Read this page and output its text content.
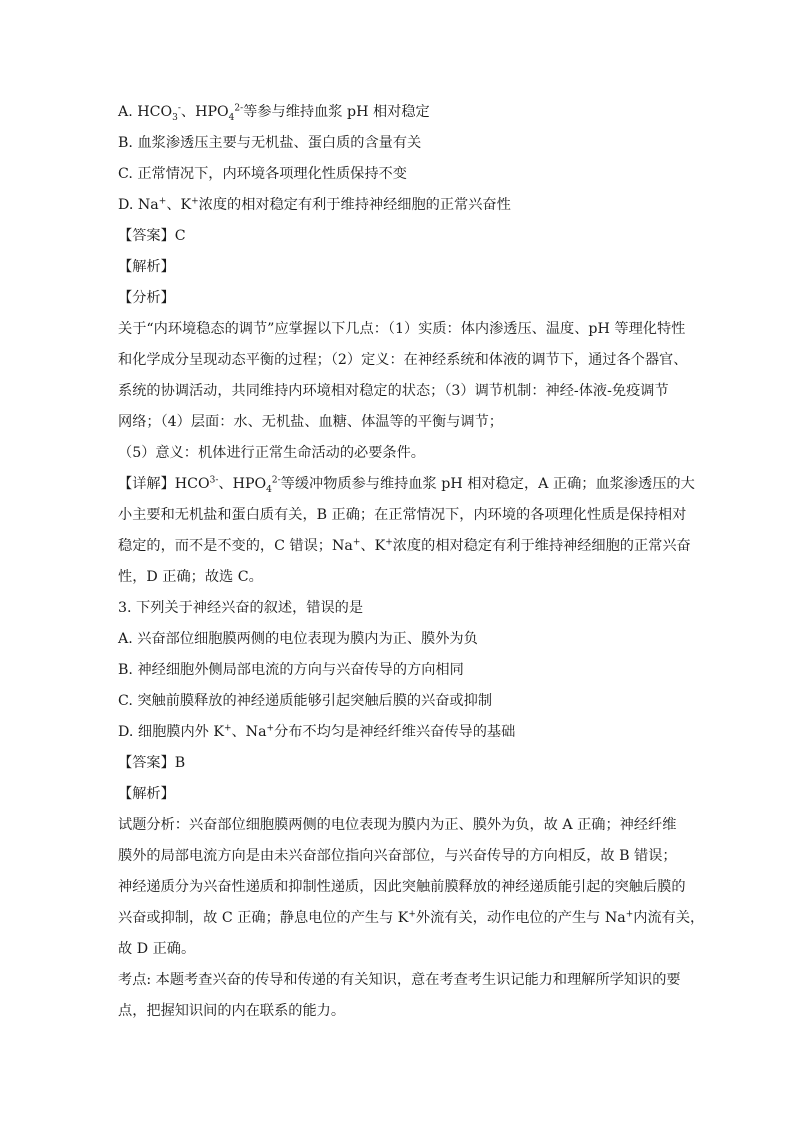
A. $HCO_3^-$、$HPO_4^{2-}$等参与维持血浆 pH 相对稳定
B. 血浆渗透压主要与无机盐、蛋白质的含量有关
C. 正常情况下，内环境各项理化性质保持不变
D. Na+、K+浓度的相对稳定有利于维持神经细胞的正常兴奋性
【答案】C
【解析】
【分析】
关于“内环境稳态的调节”应掌握以下几点：（1）实质：体内渗透压、温度、pH 等理化特性
和化学成分呈现动态平衡的过程；（2）定义：在神经系统和体液的调节下，通过各个器官、
系统的协调活动，共同维持内环境相对稳定的状态；（3）调节机制：神经-体液-免疫调节
网络；（4）层面：水、无机盐、血糖、体温等的平衡与调节；
（5）意义：机体进行正常生命活动的必要条件。
【详解】$HCO^{3-}$、$HPO_4^{2-}$等缓冲物质参与维持血浆 pH 相对稳定，A 正确；血浆渗透压的大
小主要和无机盐和蛋白质有关，B 正确；在正常情况下，内环境的各项理化性质是保持相对
稳定的，而不是不变的，C 错误；Na+、K+浓度的相对稳定有利于维持神经细胞的正常兴奋
性，D 正确；故选 C。
3. 下列关于神经兴奋的叙述，错误的是
A. 兴奋部位细胞膜两侧的电位表现为膜内为正、膜外为负
B. 神经细胞外侧局部电流的方向与兴奋传导的方向相同
C. 突触前膜释放的神经递质能够引起突触后膜的兴奋或抑制
D. 细胞膜内外 K+、Na+分布不均匀是神经纤维兴奋传导的基础
【答案】B
【解析】
试题分析：兴奋部位细胞膜两侧的电位表现为膜内为正、膜外为负，故 A 正确；神经纤维
膜外的局部电流方向是由未兴奋部位指向兴奋部位，与兴奋传导的方向相反，故 B 错误；
神经递质分为兴奋性递质和抑制性递质，因此突触前膜释放的神经递质能引起的突触后膜的
兴奋或抑制，故 C 正确；静息电位的产生与 K+外流有关，动作电位的产生与 Na+内流有关，
故 D 正确。
考点: 本题考查兴奋的传导和传递的有关知识，意在考查考生识记能力和理解所学知识的要
点，把握知识间的内在联系的能力。
